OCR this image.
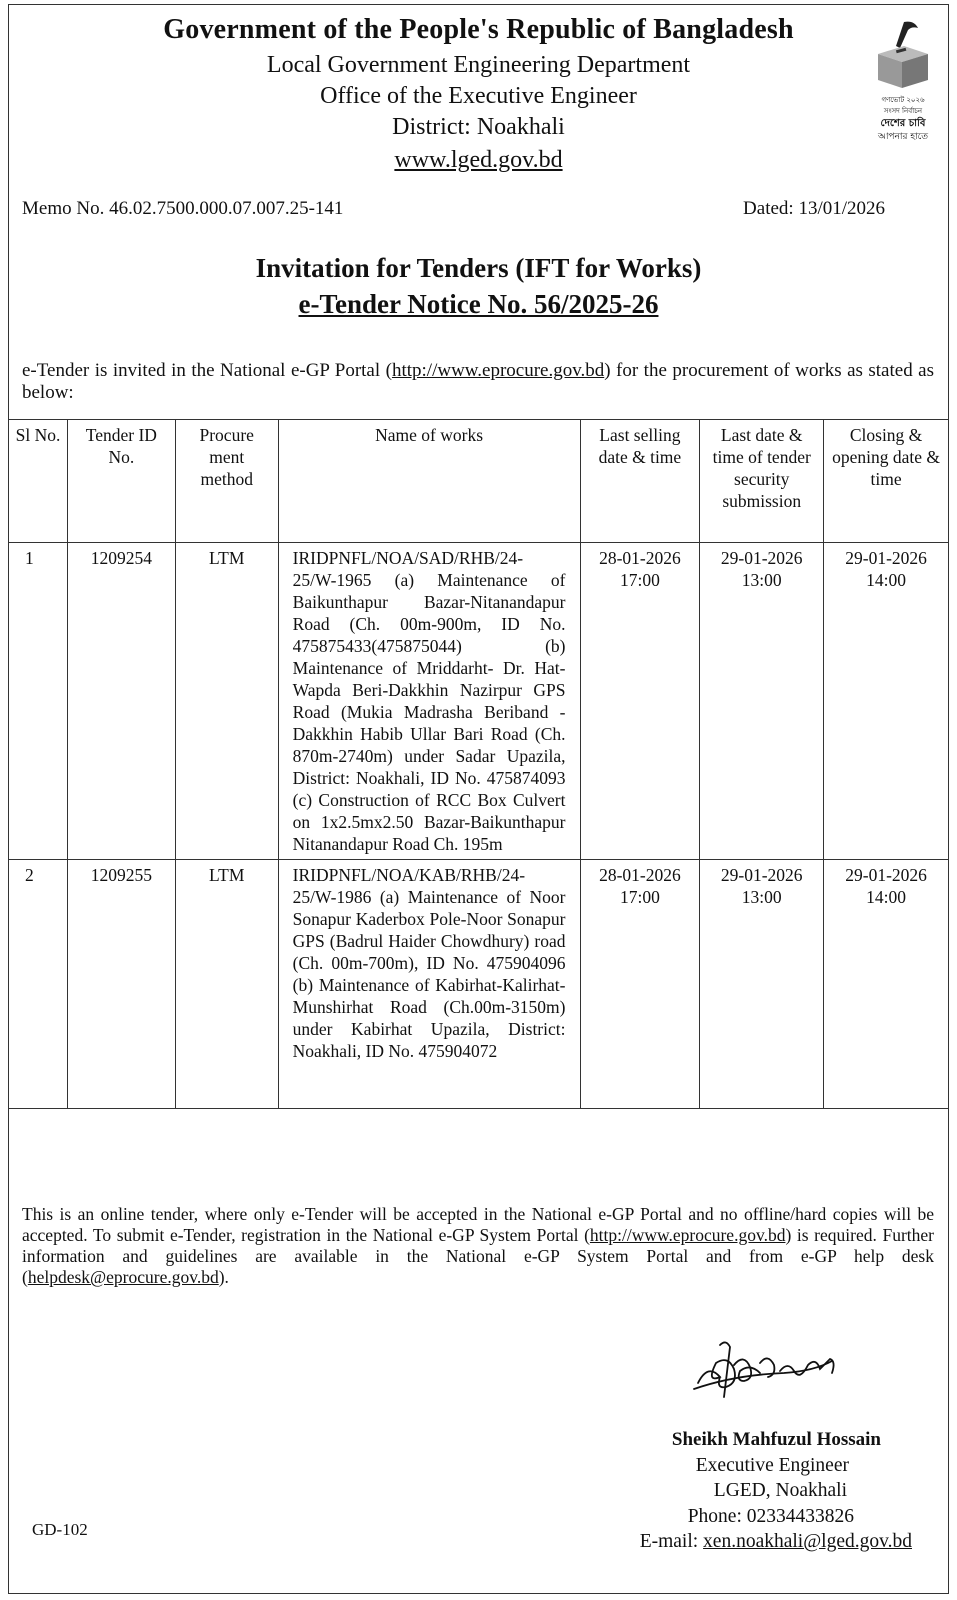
Government of the People's Republic of Bangladesh
Local Government Engineering Department
Office of the Executive Engineer
District: Noakhali
www.lged.gov.bd
গণভোট ২০২৬
সংসদ নির্বাচন
দেশের চাবি
আপনার হাতে
Memo No. 46.02.7500.000.07.007.25-141	Dated: 13/01/2026
Invitation for Tenders (IFT for Works)
e-Tender Notice No. 56/2025-26
e-Tender is invited in the National e-GP Portal (http://www.eprocure.gov.bd) for the procurement of works as stated as below:
Sl No.	Tender ID No.	Procure ment method	Name of works	Last selling date & time	Last date & time of tender security submission	Closing & opening date & time
1	1209254	LTM	IRIDPNFL/NOA/SAD/RHB/24-25/W-1965 (a) Maintenance of Baikunthapur Bazar-Nitanandapur Road (Ch. 00m-900m, ID No. 475875433(475875044) (b) Maintenance of Mriddarht- Dr. Hat-Wapda Beri-Dakkhin Nazirpur GPS Road (Mukia Madrasha Beriband - Dakkhin Habib Ullar Bari Road (Ch. 870m-2740m) under Sadar Upazila, District: Noakhali, ID No. 475874093 (c) Construction of RCC Box Culvert on 1x2.5mx2.50 Bazar-Baikunthapur Nitanandapur Road Ch. 195m	28-01-2026 17:00	29-01-2026 13:00	29-01-2026 14:00
2	1209255	LTM	IRIDPNFL/NOA/KAB/RHB/24-25/W-1986 (a) Maintenance of Noor Sonapur Kaderbox Pole-Noor Sonapur GPS (Badrul Haider Chowdhury) road (Ch. 00m-700m), ID No. 475904096 (b) Maintenance of Kabirhat-Kalirhat-Munshirhat Road (Ch.00m-3150m) under Kabirhat Upazila, District: Noakhali, ID No. 475904072	28-01-2026 17:00	29-01-2026 13:00	29-01-2026 14:00
This is an online tender, where only e-Tender will be accepted in the National e-GP Portal and no offline/hard copies will be accepted. To submit e-Tender, registration in the National e-GP System Portal (http://www.eprocure.gov.bd) is required. Further information and guidelines are available in the National e-GP System Portal and from e-GP help desk (helpdesk@eprocure.gov.bd).
Sheikh Mahfuzul Hossain
Executive Engineer
LGED, Noakhali
Phone: 02334433826
E-mail: xen.noakhali@lged.gov.bd
GD-102
